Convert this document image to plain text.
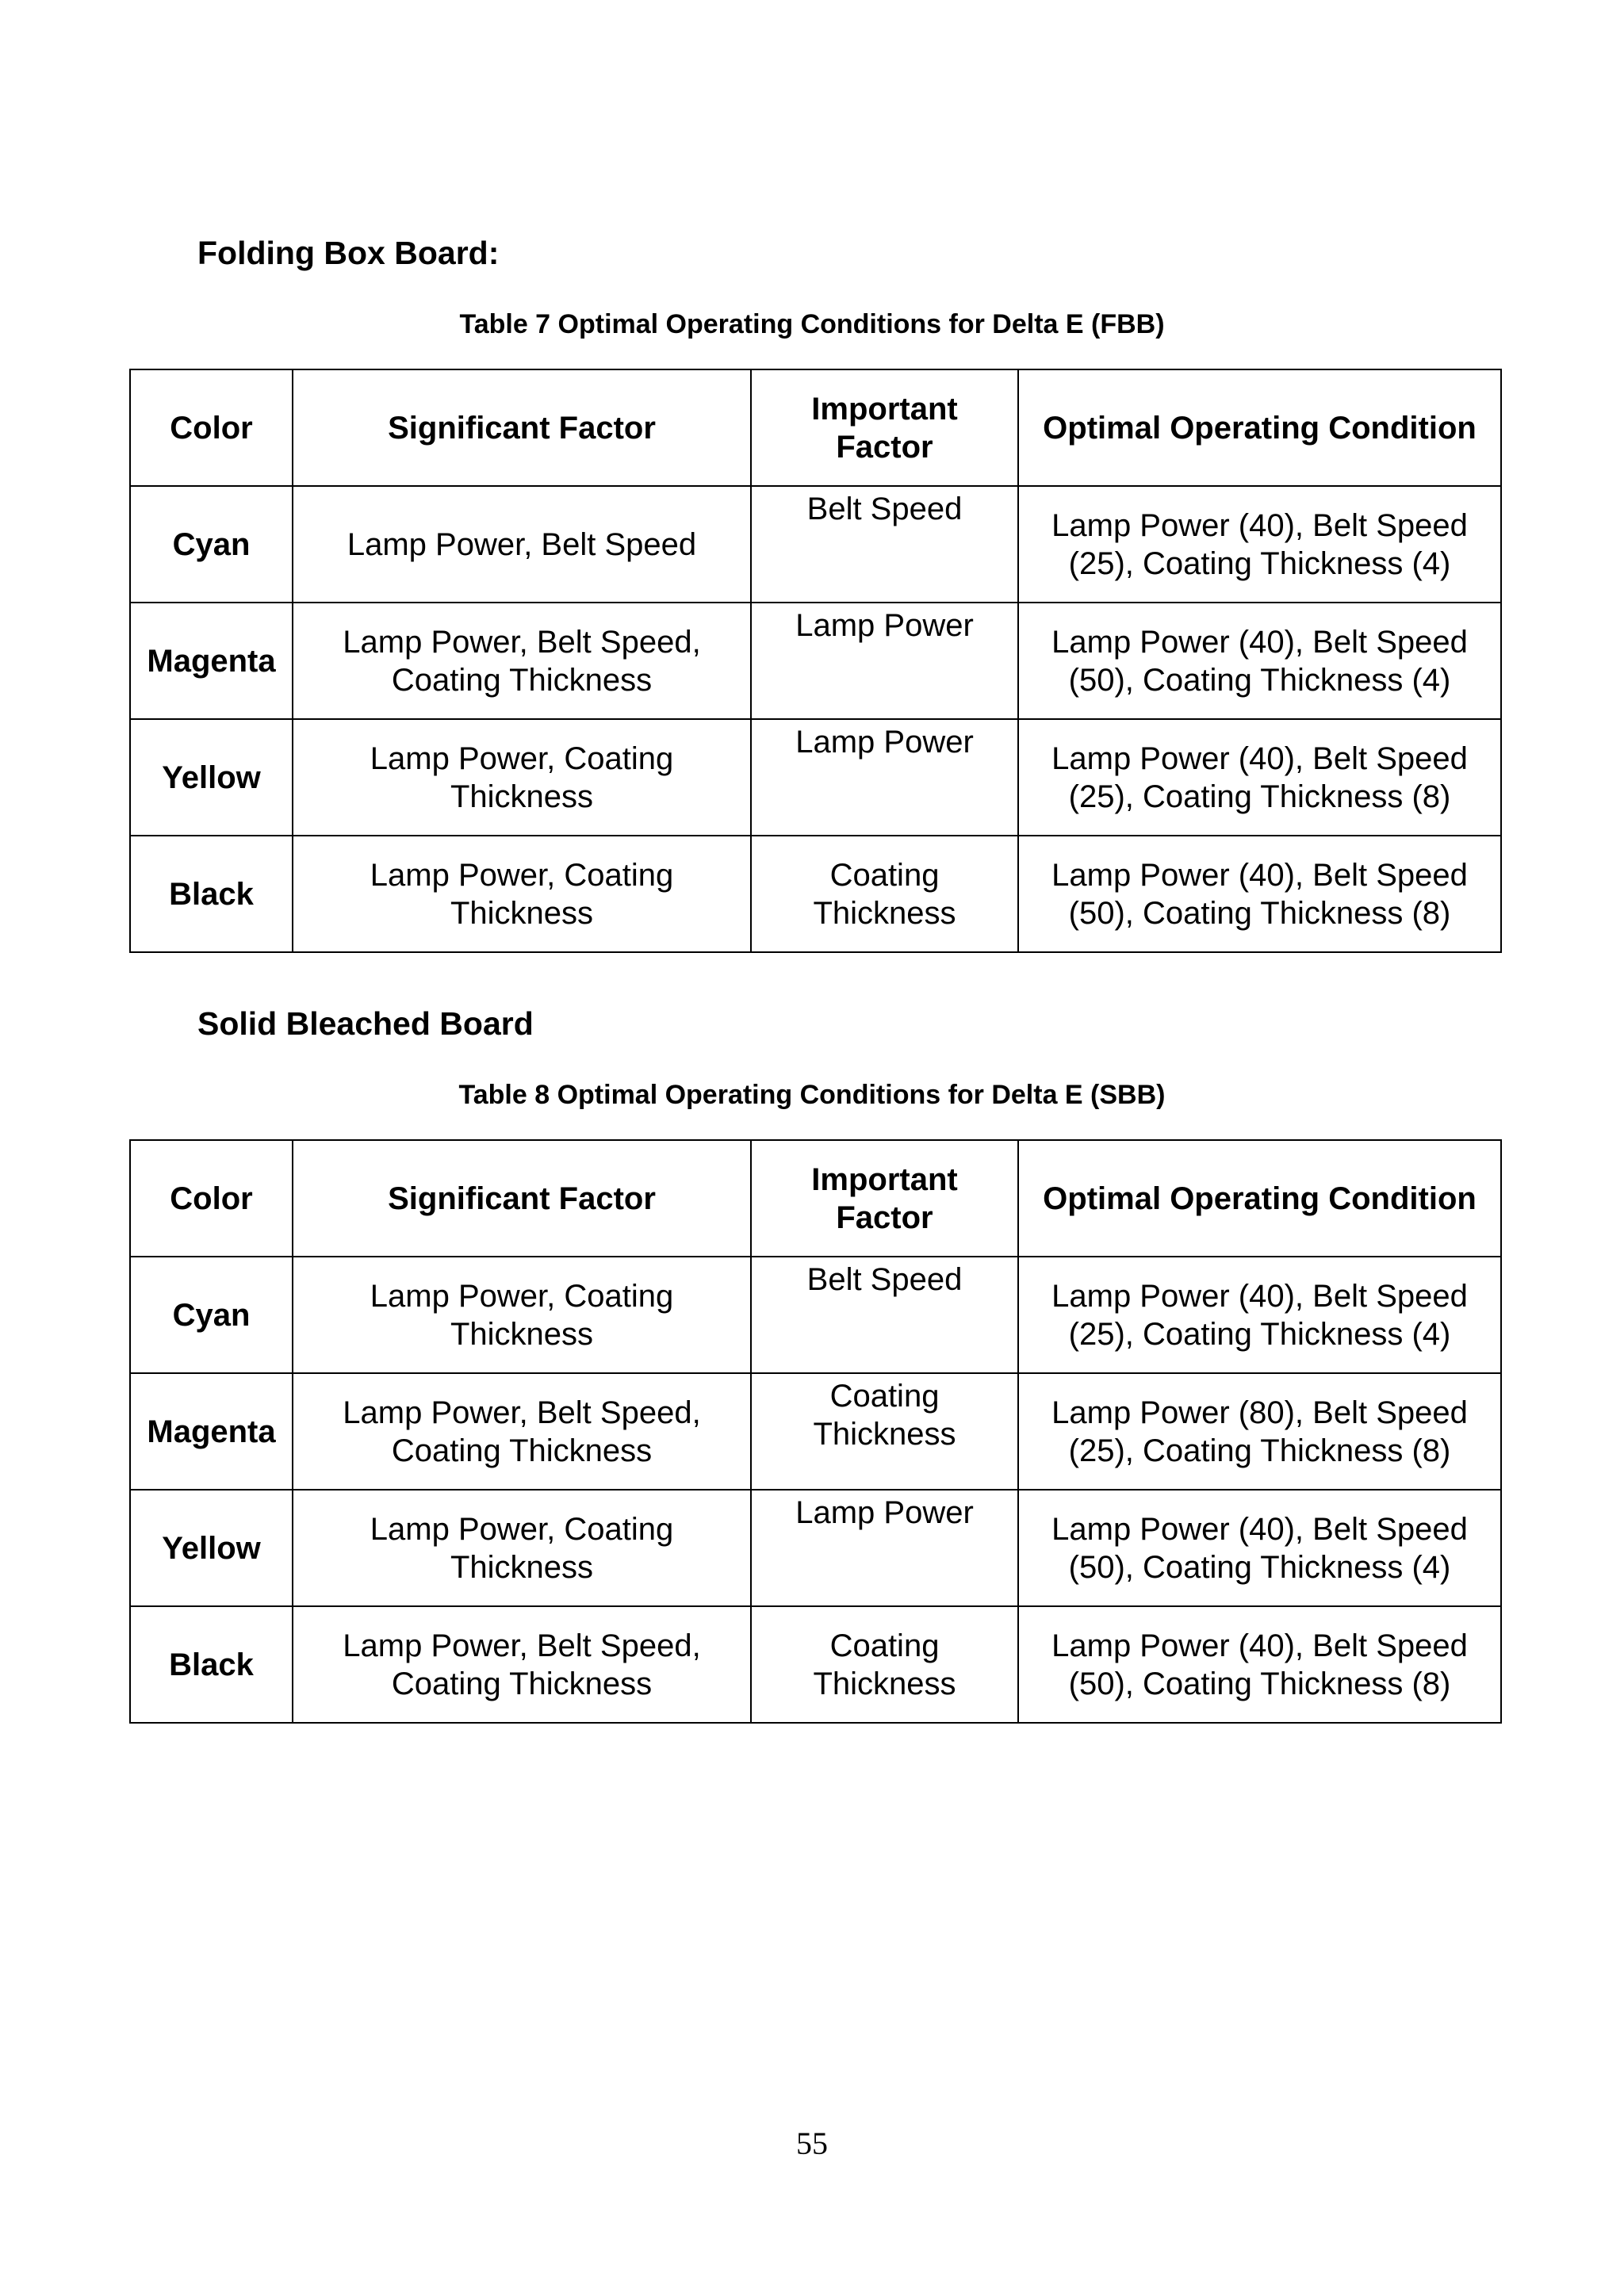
Folding Box Board:

Table 7 Optimal Operating Conditions for Delta E (FBB)

Color	Significant Factor	Important Factor	Optimal Operating Condition
Cyan	Lamp Power, Belt Speed	Belt Speed	Lamp Power (40), Belt Speed (25), Coating Thickness (4)
Magenta	Lamp Power, Belt Speed, Coating Thickness	Lamp Power	Lamp Power (40), Belt Speed (50), Coating Thickness (4)
Yellow	Lamp Power, Coating Thickness	Lamp Power	Lamp Power (40), Belt Speed (25), Coating Thickness (8)
Black	Lamp Power, Coating Thickness	Coating Thickness	Lamp Power (40), Belt Speed (50), Coating Thickness (8)
Solid Bleached Board

Table 8 Optimal Operating Conditions for Delta E (SBB)

Color	Significant Factor	Important Factor	Optimal Operating Condition
Cyan	Lamp Power, Coating Thickness	Belt Speed	Lamp Power (40), Belt Speed (25), Coating Thickness (4)
Magenta	Lamp Power, Belt Speed, Coating Thickness	Coating Thickness	Lamp Power (80), Belt Speed (25), Coating Thickness (8)
Yellow	Lamp Power, Coating Thickness	Lamp Power	Lamp Power (40), Belt Speed (50), Coating Thickness (4)
Black	Lamp Power, Belt Speed, Coating Thickness	Coating Thickness	Lamp Power (40), Belt Speed (50), Coating Thickness (8)
55
